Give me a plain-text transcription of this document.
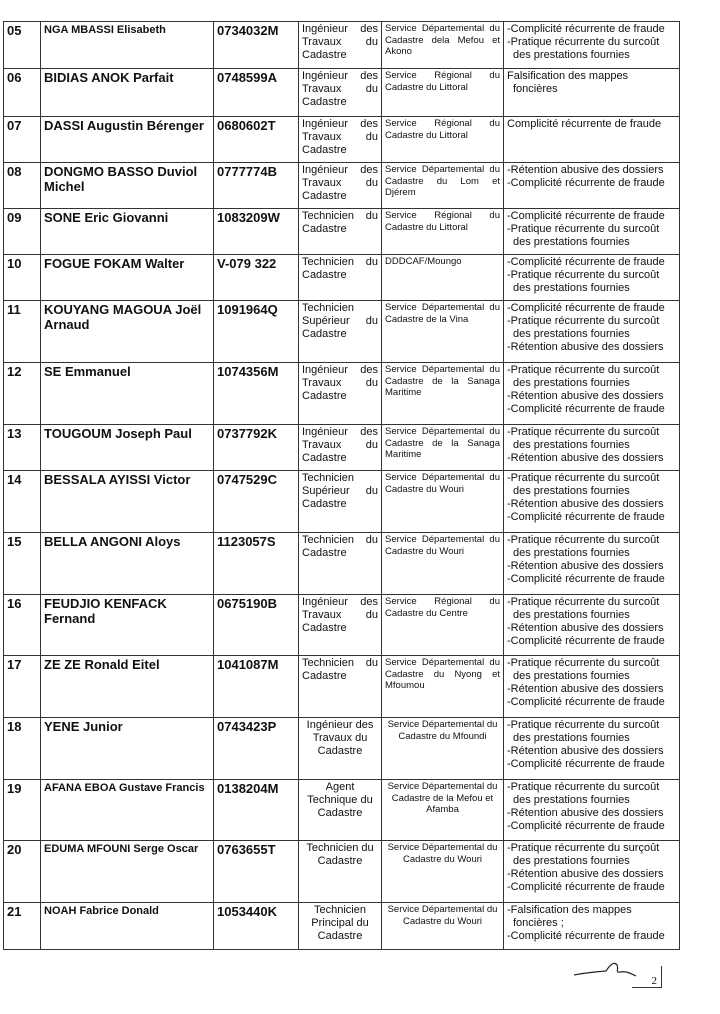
05	NGA MBASSI Elisabeth	0734032M	Ingénieur des Travaux du Cadastre	Service Départemental du Cadastre dela Mefou et Akono	-Complicité récurrente de fraude
-Pratique récurrente du surcoût
des prestations fournies

06	BIDIAS ANOK Parfait	0748599A	Ingénieur des Travaux du Cadastre	Service Régional du Cadastre du Littoral	Falsification des mappes
foncières

07	DASSI Augustin Bérenger	0680602T	Ingénieur des Travaux du Cadastre	Service Régional du Cadastre du Littoral	Complicité récurrente de fraude

08	DONGMO BASSO Duviol Michel	0777774B	Ingénieur des Travaux du Cadastre	Service Départemental du Cadastre du Lom et Djérem	-Rétention abusive des dossiers
-Complicité récurrente de fraude

09	SONE Eric Giovanni	1083209W	Technicien du Cadastre	Service Régional du Cadastre du Littoral	-Complicité récurrente de fraude
-Pratique récurrente du surcoût
des prestations fournies

10	FOGUE FOKAM Walter	V-079 322	Technicien du Cadastre	DDDCAF/Moungo	-Complicité récurrente de fraude
-Pratique récurrente du surcoût
des prestations fournies

11	KOUYANG MAGOUA Joël Arnaud	1091964Q	Technicien Supérieur du Cadastre	Service Départemental du Cadastre de la Vina	-Complicité récurrente de fraude
-Pratique récurrente du surcoût
des prestations fournies
-Rétention abusive des dossiers

12	SE Emmanuel	1074356M	Ingénieur des Travaux du Cadastre	Service Départemental du Cadastre de la Sanaga Maritime	-Pratique récurrente du surcoût
des prestations fournies
-Rétention abusive des dossiers
-Complicité récurrente de fraude

13	TOUGOUM Joseph Paul	0737792K	Ingénieur des Travaux du Cadastre	Service Départemental du Cadastre de la Sanaga Maritime	-Pratique récurrente du surcoût
des prestations fournies
-Rétention abusive des dossiers

14	BESSALA AYISSI Victor	0747529C	Technicien Supérieur du Cadastre	Service Départemental du Cadastre du Wouri	-Pratique récurrente du surcoût
des prestations fournies
-Rétention abusive des dossiers
-Complicité récurrente de fraude

15	BELLA ANGONI Aloys	1123057S	Technicien du Cadastre	Service Départemental du Cadastre du Wouri	-Pratique récurrente du surcoût
des prestations fournies
-Rétention abusive des dossiers
-Complicité récurrente de fraude

16	FEUDJIO KENFACK Fernand	0675190B	Ingénieur des Travaux du Cadastre	Service Régional du Cadastre du Centre	-Pratique récurrente du surcoût
des prestations fournies
-Rétention abusive des dossiers
-Complicité récurrente de fraude

17	ZE ZE Ronald Eitel	1041087M	Technicien du Cadastre	Service Départemental du Cadastre du Nyong et Mfoumou	-Pratique récurrente du surcoût
des prestations fournies
-Rétention abusive des dossiers
-Complicité récurrente de fraude

18	YENE Junior	0743423P	Ingénieur des Travaux du Cadastre	Service Départemental du Cadastre du Mfoundi	-Pratique récurrente du surcoût
des prestations fournies
-Rétention abusive des dossiers
-Complicité récurrente de fraude

19	AFANA EBOA Gustave Francis	0138204M	Agent Technique du Cadastre	Service Départemental du Cadastre de la Mefou et Afamba	-Pratique récurrente du surcoût
des prestations fournies
-Rétention abusive des dossiers
-Complicité récurrente de fraude

20	EDUMA MFOUNI Serge Oscar	0763655T	Technicien du Cadastre	Service Départemental du Cadastre du Wouri	-Pratique récurrente du surçoût
des prestations fournies
-Rétention abusive des dossiers
-Complicité récurrente de fraude

21	NOAH Fabrice Donald	1053440K	Technicien Principal du Cadastre	Service Départemental du Cadastre du Wouri	-Falsification des mappes
foncières ;
-Complicité récurrente de fraude
2
